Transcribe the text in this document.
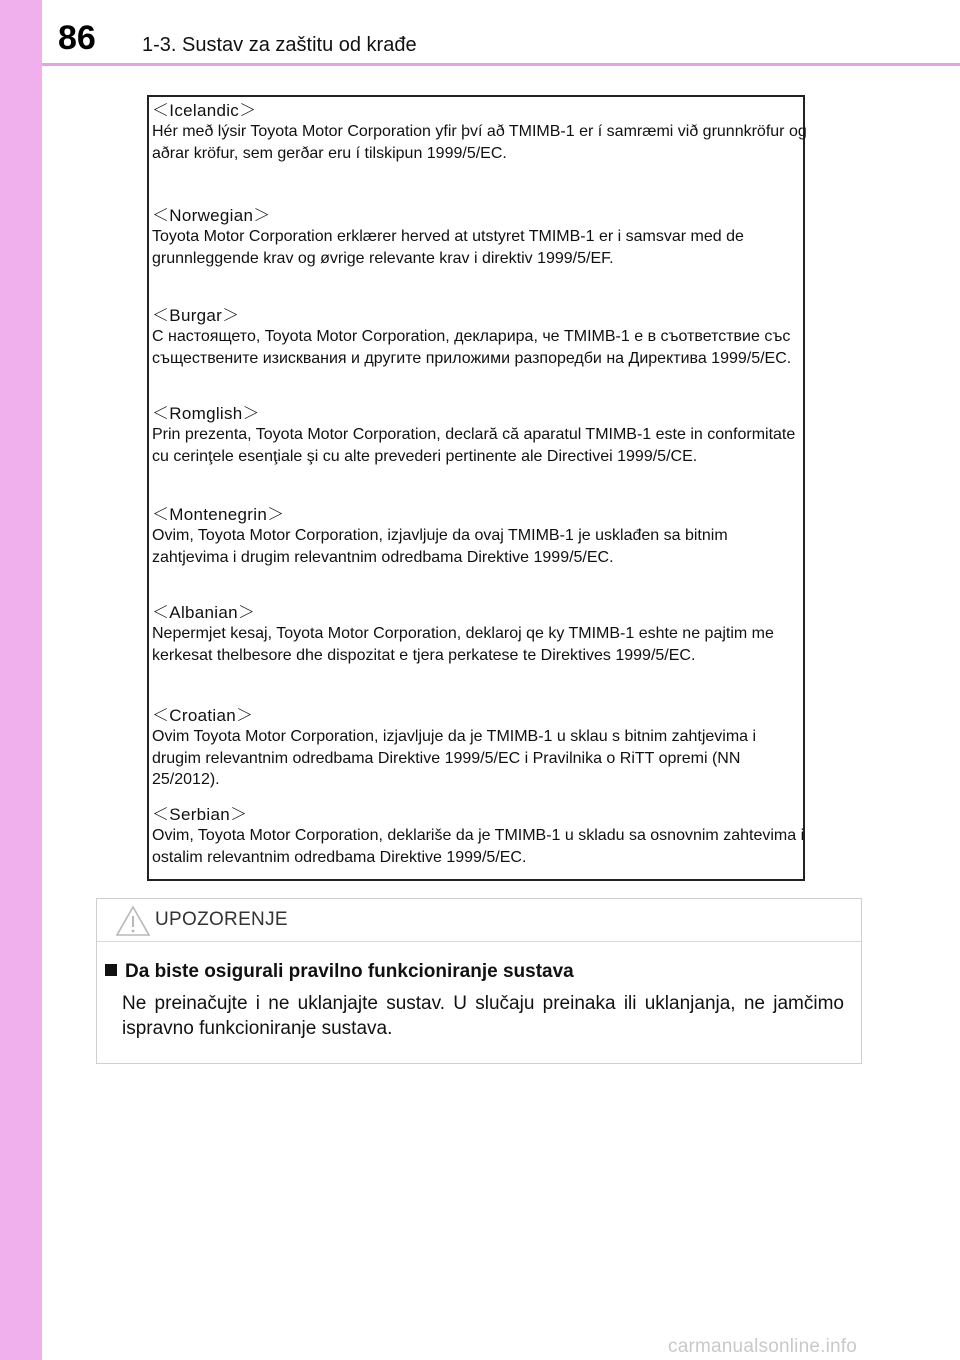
86 1-3. Sustav za zaštitu od krađe
＜Icelandic＞
Hér með lýsir Toyota Motor Corporation yfir því að TMIMB-1 er í samræmi við grunnkröfur og aðrar kröfur, sem gerðar eru í tilskipun 1999/5/EC.
＜Norwegian＞
Toyota Motor Corporation erklærer herved at utstyret TMIMB-1 er i samsvar med de grunnleggende krav og øvrige relevante krav i direktiv 1999/5/EF.
＜Burgar＞
С настоящето, Toyota Motor Corporation, декларира, че TMIMB-1 е в съответствие със съществените изисквания и другите приложими разпоредби на Директива 1999/5/EC.
＜Romglish＞
Prin prezenta, Toyota Motor Corporation, declară că aparatul TMIMB-1 este in conformitate cu cerinţele esenţiale şi cu alte prevederi pertinente ale Directivei 1999/5/CE.
＜Montenegrin＞
Ovim, Toyota Motor Corporation, izjavljuje da ovaj TMIMB-1 je usklađen sa bitnim zahtjevima i drugim relevantnim odredbama Direktive 1999/5/EC.
＜Albanian＞
Nepermjet kesaj, Toyota Motor Corporation, deklaroj qe ky TMIMB-1 eshte ne pajtim me kerkesat thelbesore dhe dispozitat e tjera perkatese te Direktives 1999/5/EC.
＜Croatian＞
Ovim Toyota Motor Corporation, izjavljuje da je TMIMB-1 u sklau s bitnim zahtjevima i drugim relevantnim odredbama Direktive 1999/5/EC i Pravilnika o RiTT opremi (NN 25/2012).
＜Serbian＞
Ovim, Toyota Motor Corporation, deklariše da je TMIMB-1 u skladu sa osnovnim zahtevima i ostalim relevantnim odredbama Direktive 1999/5/EC.
UPOZORENJE
Da biste osigurali pravilno funkcioniranje sustava
Ne preinačujte i ne uklanjajte sustav. U slučaju preinaka ili uklanjanja, ne jamčimo ispravno funkcioniranje sustava.
carmanualsonline.info
